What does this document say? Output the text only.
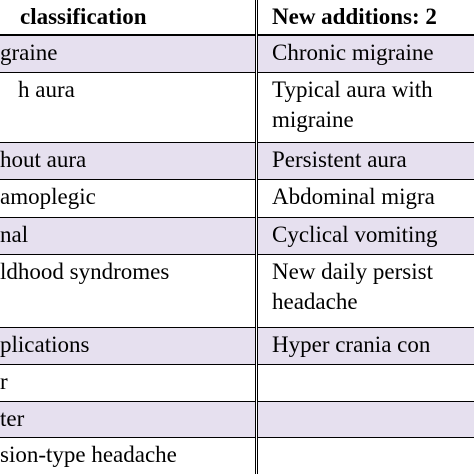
classification	New additions: 2
graine	Chronic migraine
h aura	Typical aura with
migraine
hout aura	Persistent aura
amoplegic	Abdominal migra
nal	Cyclical vomiting
ldhood syndromes	New daily persist
headache
plications	Hyper crania con
r
ter
sion-type headache
